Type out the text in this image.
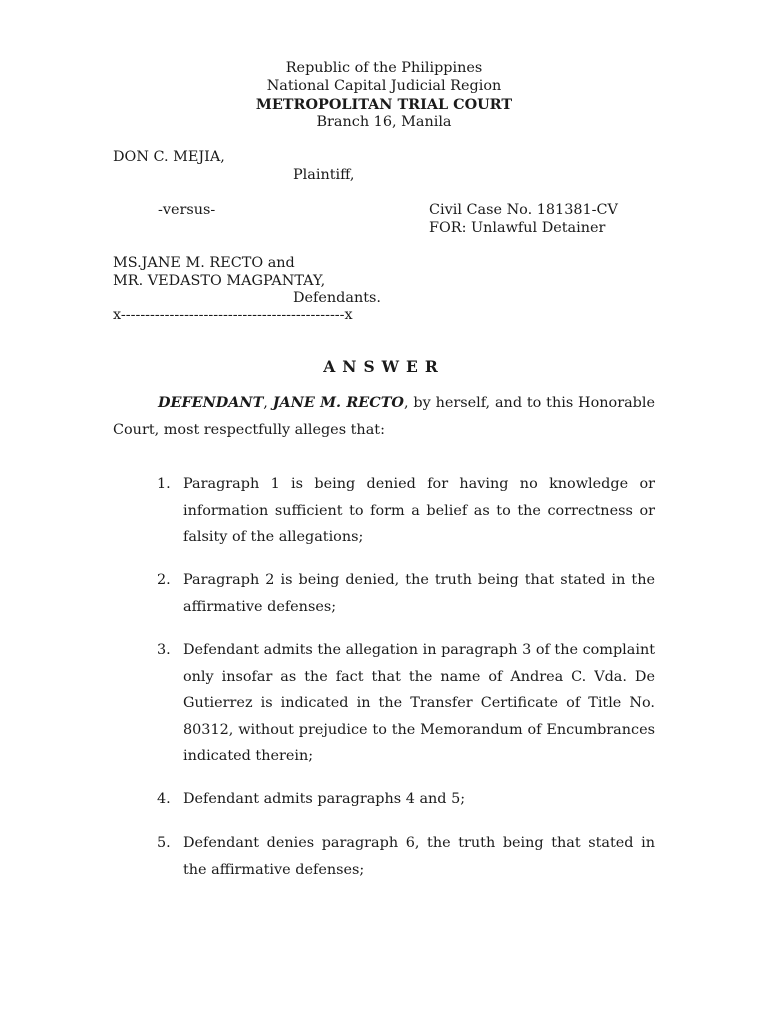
Republic of the Philippines
National Capital Judicial Region
METROPOLITAN TRIAL COURT
Branch 16, Manila
DON C. MEJIA,
Plaintiff,
-versus-	Civil Case No. 181381-CV
FOR: Unlawful Detainer
MS.JANE M. RECTO and
MR. VEDASTO MAGPANTAY,
Defendants.
x----------------------------------------------x
ANSWER
DEFENDANT, JANE M. RECTO, by herself, and to this Honorable Court, most respectfully alleges that:
1. Paragraph 1 is being denied for having no knowledge or information sufficient to form a belief as to the correctness or falsity of the allegations;
2. Paragraph 2 is being denied, the truth being that stated in the affirmative defenses;
3. Defendant admits the allegation in paragraph 3 of the complaint only insofar as the fact that the name of Andrea C. Vda. De Gutierrez is indicated in the Transfer Certificate of Title No. 80312, without prejudice to the Memorandum of Encumbrances indicated therein;
4. Defendant admits paragraphs 4 and 5;
5. Defendant denies paragraph 6, the truth being that stated in the affirmative defenses;
